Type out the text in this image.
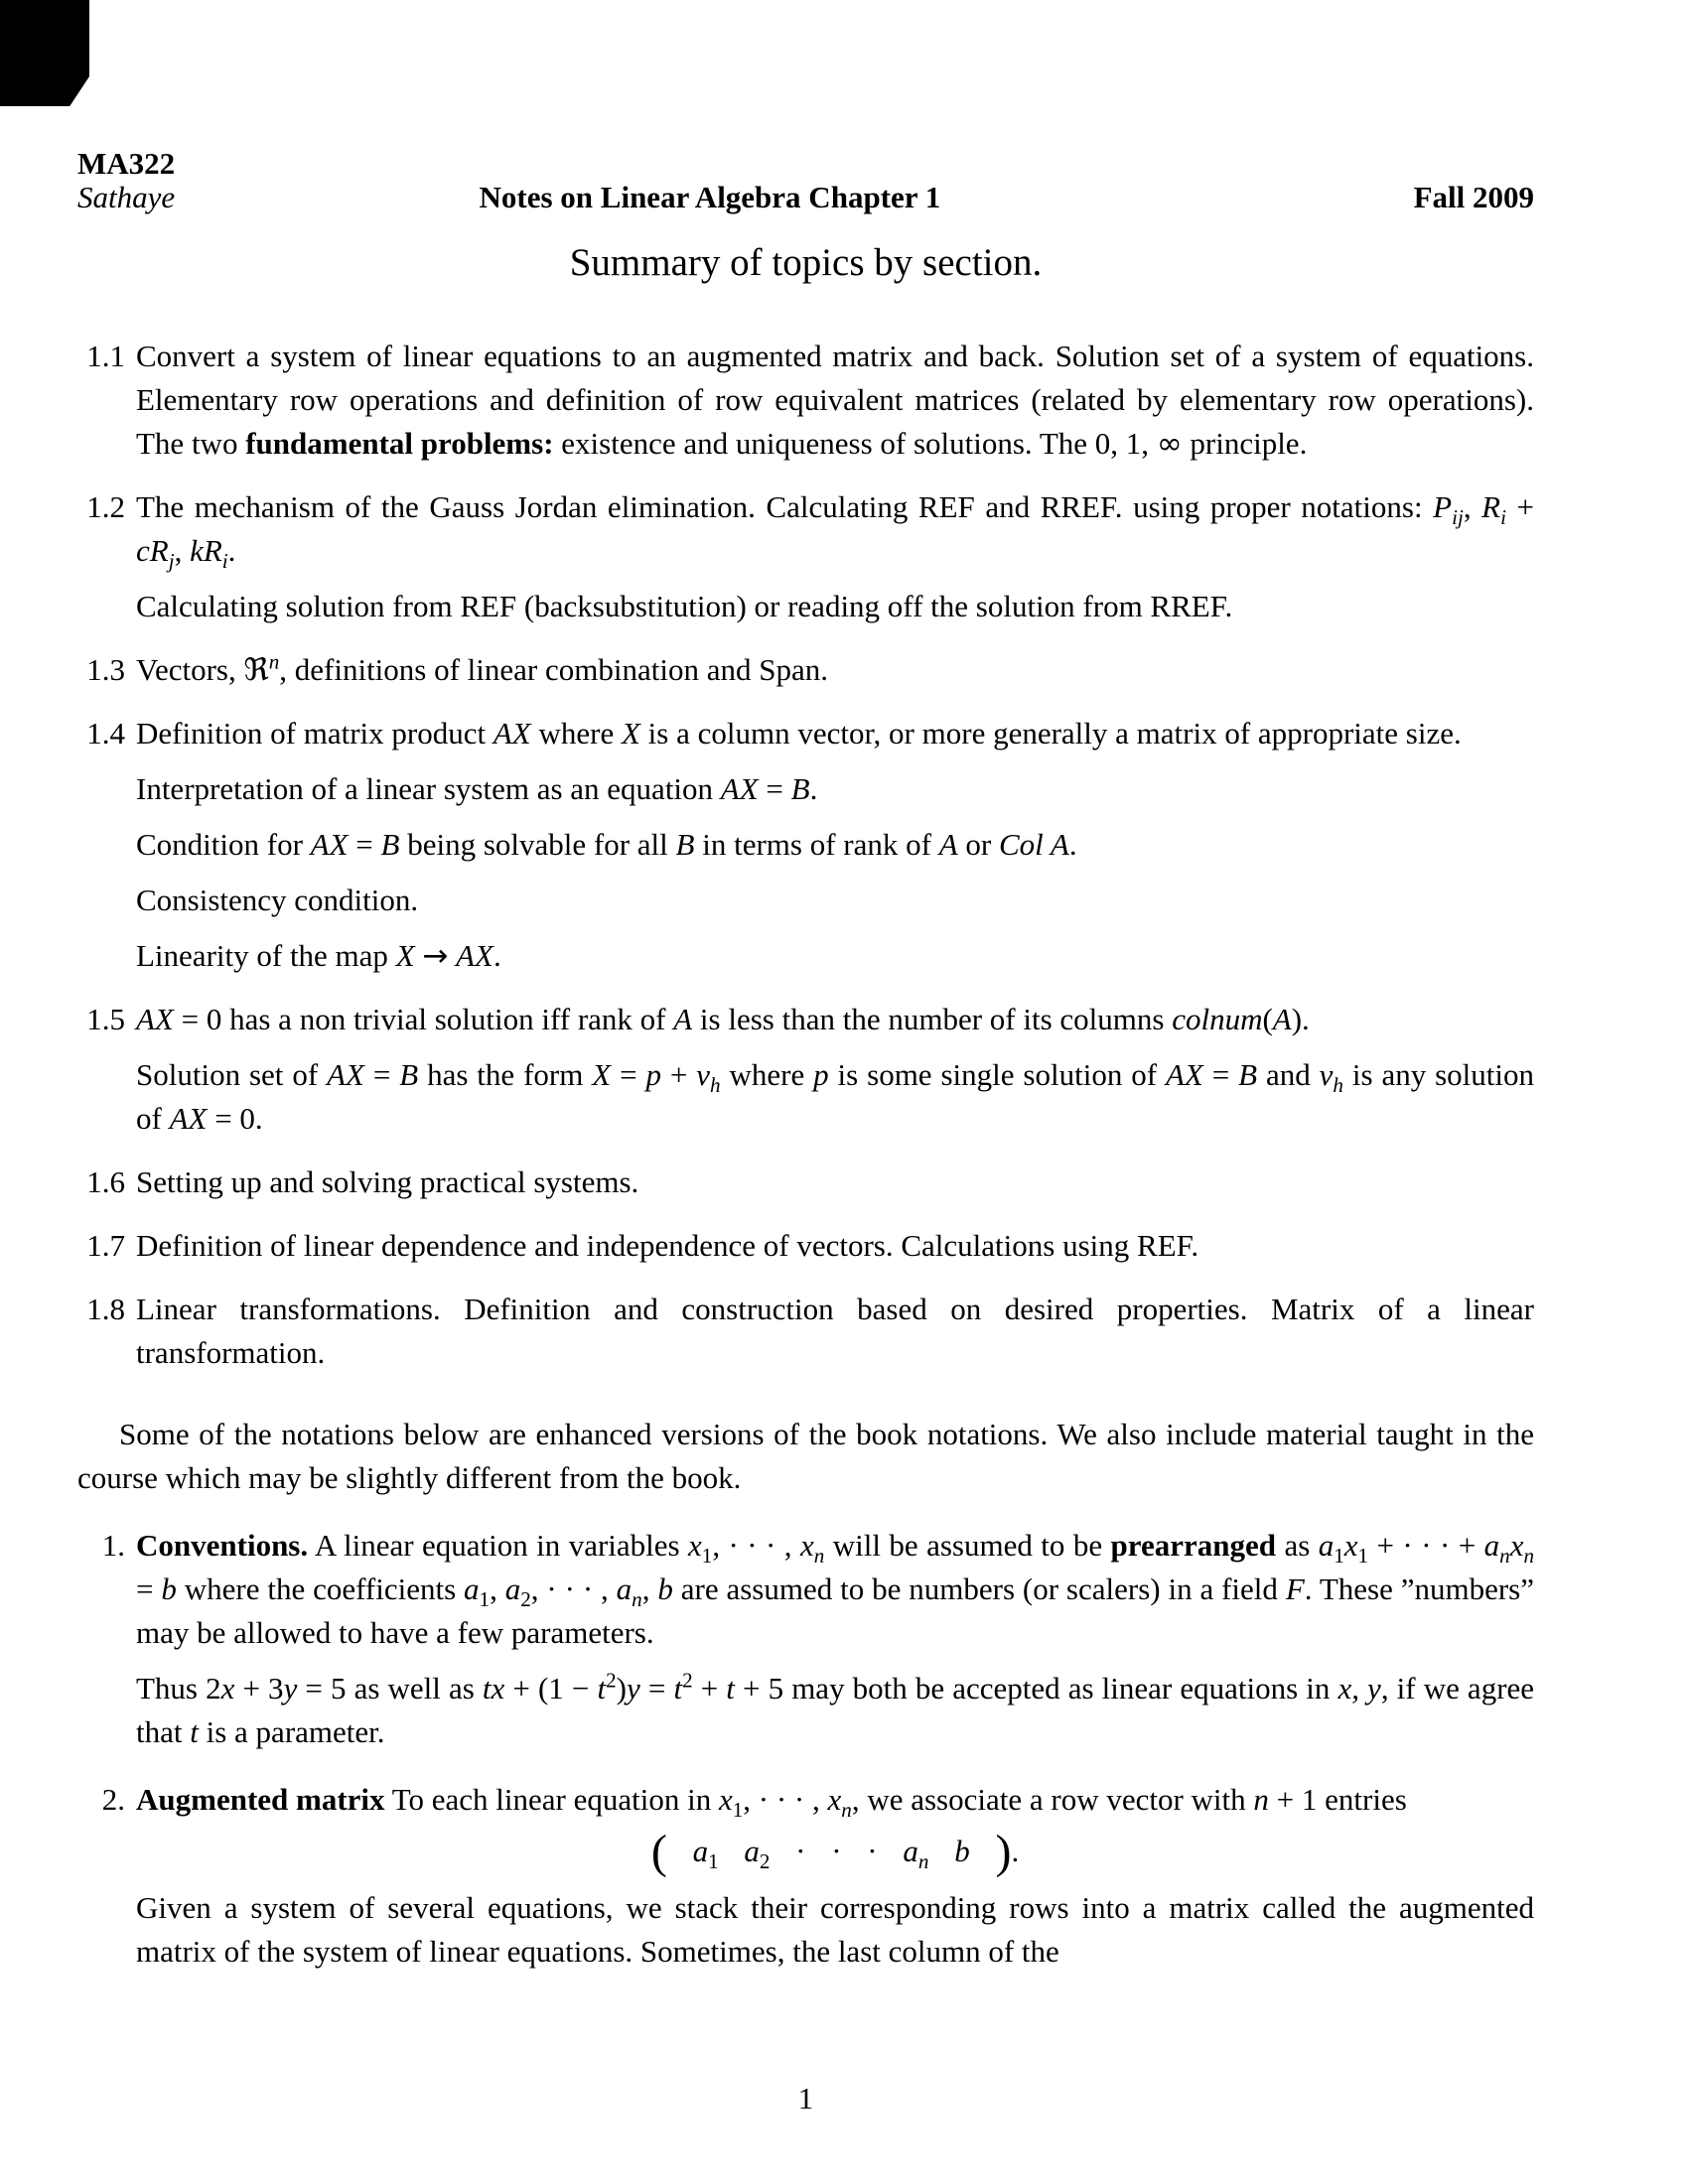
MA322
Sathaye	Notes on Linear Algebra Chapter 1	Fall 2009
Summary of topics by section.
1.1 Convert a system of linear equations to an augmented matrix and back. Solution set of a system of equations. Elementary row operations and definition of row equivalent matrices (related by elementary row operations). The two fundamental problems: existence and uniqueness of solutions. The 0, 1, ∞ principle.
1.2 The mechanism of the Gauss Jordan elimination. Calculating REF and RREF. using proper notations: $P_{ij}$, $R_i + cR_j$, $kR_i$.
Calculating solution from REF (backsubstitution) or reading off the solution from RREF.
1.3 Vectors, ℜ$^n$, definitions of linear combination and Span.
1.4 Definition of matrix product AX where X is a column vector, or more generally a matrix of appropriate size.
Interpretation of a linear system as an equation AX = B.
Condition for AX = B being solvable for all B in terms of rank of A or Col A.
Consistency condition.
Linearity of the map X → AX.
1.5 AX = 0 has a non trivial solution iff rank of A is less than the number of its columns colnum(A).
Solution set of AX = B has the form $X = p + v_h$ where p is some single solution of AX = B and $v_h$ is any solution of AX = 0.
1.6 Setting up and solving practical systems.
1.7 Definition of linear dependence and independence of vectors. Calculations using REF.
1.8 Linear transformations. Definition and construction based on desired properties. Matrix of a linear transformation.
Some of the notations below are enhanced versions of the book notations. We also include material taught in the course which may be slightly different from the book.
1. Conventions. A linear equation in variables $x_1$, · · · , $x_n$ will be assumed to be prearranged as $a_1x_1$ + · · · + $a_nx_n = b$ where the coefficients $a_1$, $a_2$, · · · , $a_n$, b are assumed to be numbers (or scalers) in a field F. These ”numbers” may be allowed to have a few parameters.
Thus 2x + 3y = 5 as well as tx + $(1 - t^2)y = t^2 + t + 5$ may both be accepted as linear equations in x, y, if we agree that t is a parameter.
2. Augmented matrix To each linear equation in $x_1$, · · · , $x_n$, we associate a row vector with n + 1 entries
( $a_1$ $a_2$ · · · $a_n$ b ).
Given a system of several equations, we stack their corresponding rows into a matrix called the augmented matrix of the system of linear equations. Sometimes, the last column of the
1
